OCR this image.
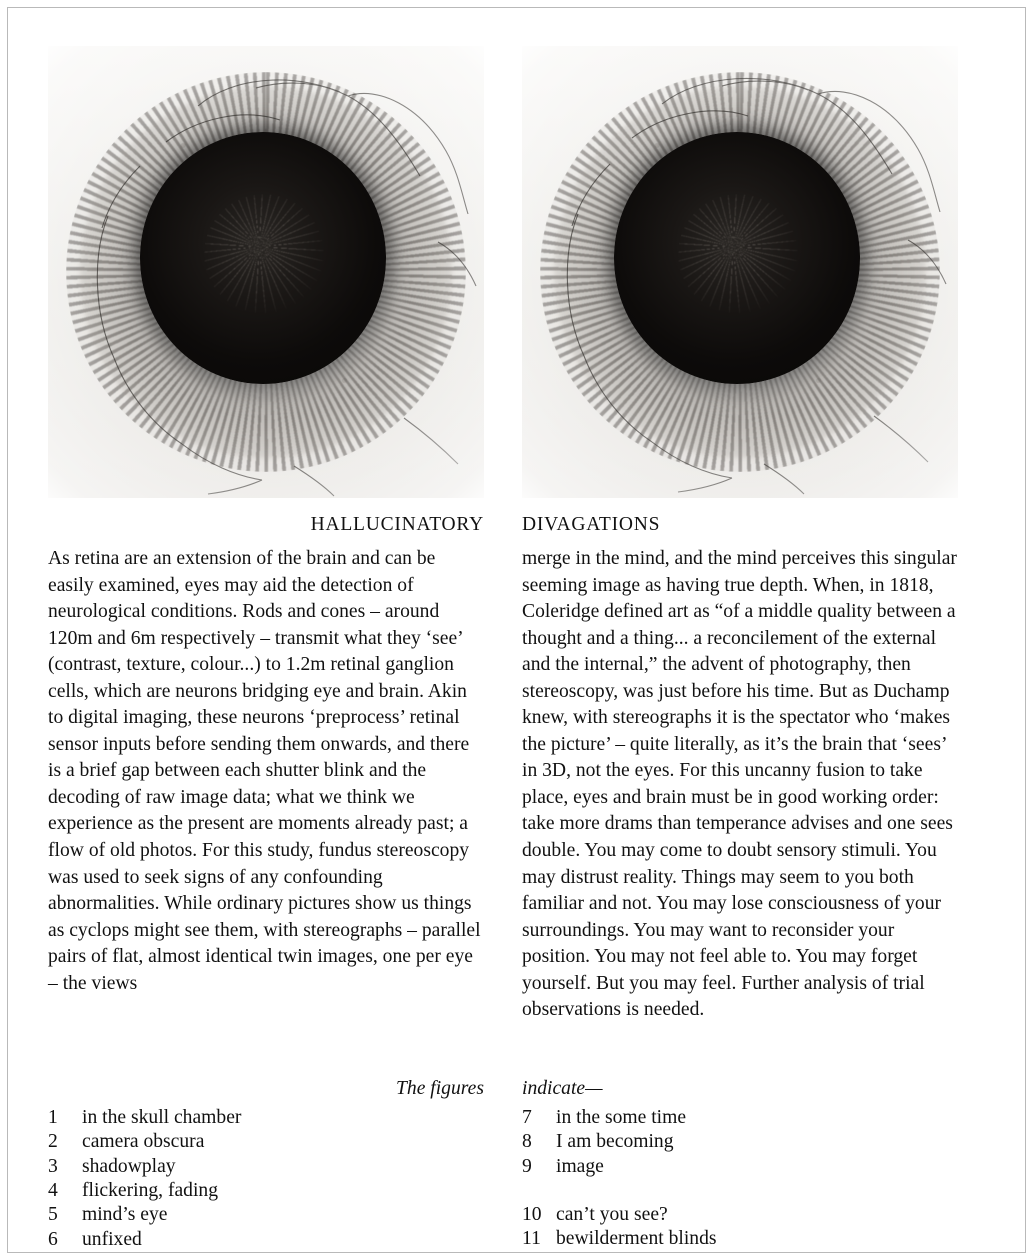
HALLUCINATORY DIVAGATIONS

As retina are an extension of the brain and can be easily examined, eyes may aid the detection of neurological conditions. Rods and cones – around 120m and 6m respectively – transmit what they ‘see’ (contrast, texture, colour...) to 1.2m retinal ganglion cells, which are neurons bridging eye and brain. Akin to digital imaging, these neurons ‘preprocess’ retinal sensor inputs before sending them onwards, and there is a brief gap between each shutter blink and the decoding of raw image data; what we think we experience as the present are moments already past; a flow of old photos. For this study, fundus stereoscopy was used to seek signs of any confounding abnormalities. While ordinary pictures show us things as cyclops might see them, with stereographs – parallel pairs of flat, almost identical twin images, one per eye – the views

merge in the mind, and the mind perceives this singular seeming image as having true depth. When, in 1818, Coleridge defined art as “of a middle quality between a thought and a thing... a reconcilement of the external and the internal,” the advent of photography, then stereoscopy, was just before his time. But as Duchamp knew, with stereographs it is the spectator who ‘makes the picture’ – quite literally, as it’s the brain that ‘sees’ in 3D, not the eyes. For this uncanny fusion to take place, eyes and brain must be in good working order: take more drams than temperance advises and one sees double. You may come to doubt sensory stimuli. You may distrust reality. Things may seem to you both familiar and not. You may lose consciousness of your surroundings. You may want to reconsider your position. You may not feel able to. You may forget yourself. But you may feel. Further analysis of trial observations is needed.

The figures indicate—
1	in the skull chamber
2	camera obscura
3	shadowplay
4	flickering, fading
5	mind’s eye
6	unfixed
7	in the some time
8	I am becoming
9	image
10 can’t you see?
11 bewilderment blinds
